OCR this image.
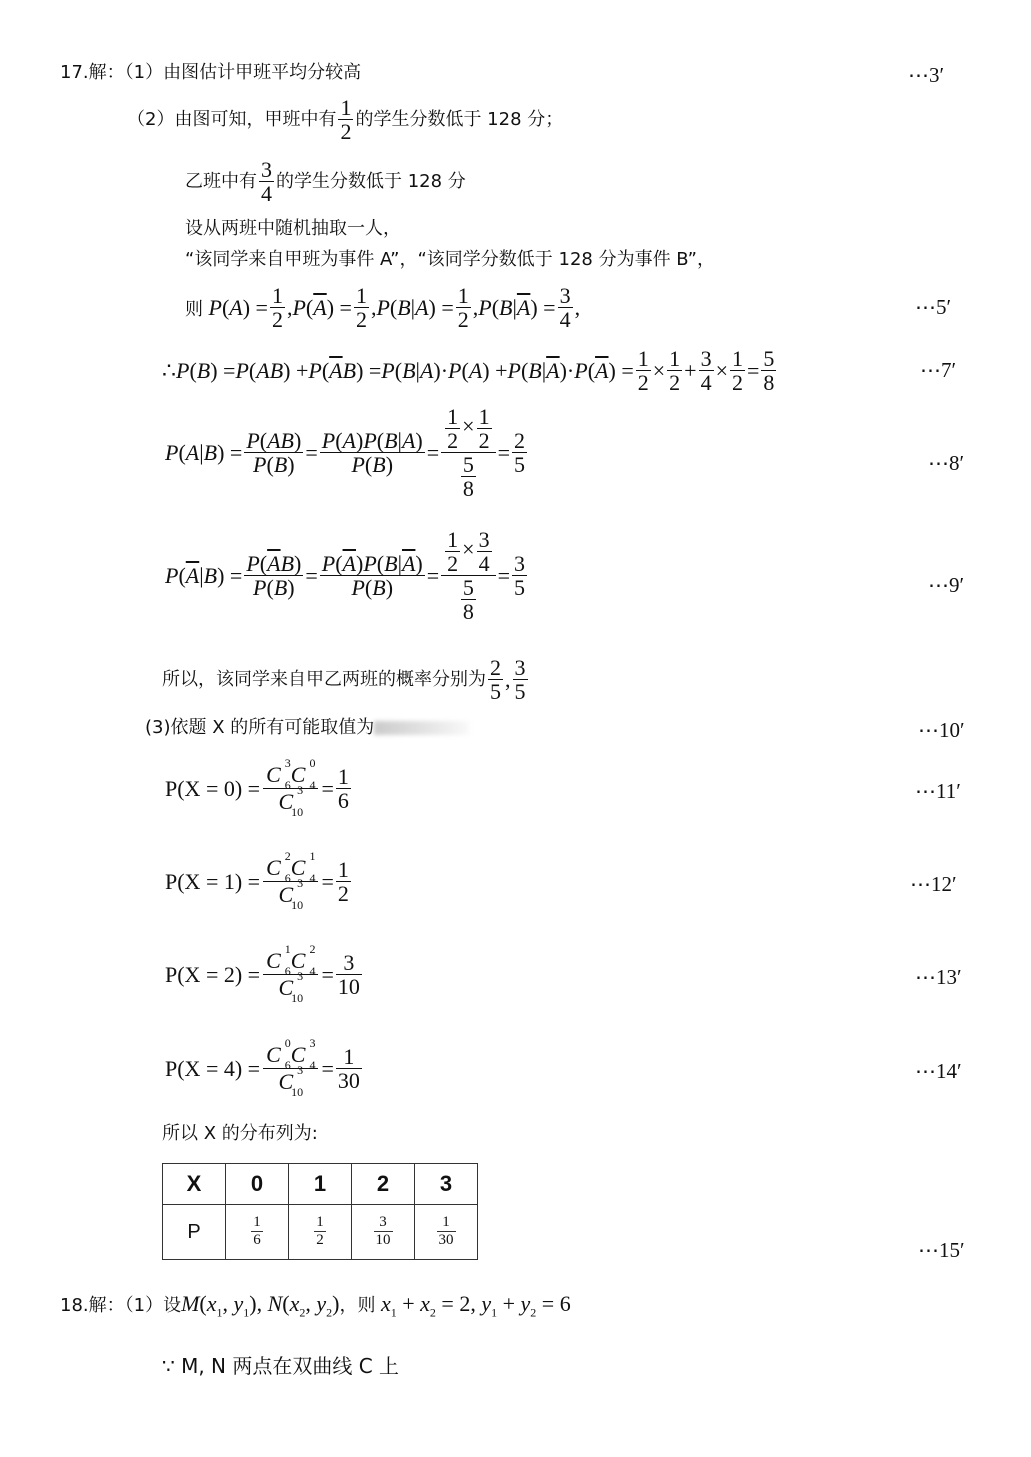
17.解：（1）由图估计甲班平均分较高	⋯3′
（2）由图可知，甲班中有 $\frac{1}{2}$ 的学生分数低于 128 分；
乙班中有 $\frac{3}{4}$ 的学生分数低于 128 分
设从两班中随机抽取一人，
“该同学来自甲班为事件 A”，“该同学分数低于 128 分为事件 B”，
则
P ( A ) = $\frac{1}{2}$ , P ( $\overline{A}$ ) = $\frac{1}{2}$ , P ( B | A ) = $\frac{1}{2}$ , P ( B | $\overline{A}$ ) = $\frac{3}{4}$ ,	⋯5′
∴ P ( B ) = P ( AB ) + P ( $\overline{A}$ B ) = P ( B | A )· P ( A ) + P ( B | $\overline{A}$ )· P ( $\overline{A}$ ) = $\frac{1}{2} \times \frac{1}{2} + \frac{3}{4} \times \frac{1}{2} = \frac{5}{8}$	⋯7′
P ( A | B ) = $\frac{P(AB)}{P(B)} = \frac{P(A)P(B|A)}{P(B)} = \frac{\frac{1}{2} \times \frac{1}{2}}{\frac{5}{8}} = \frac{2}{5}$	⋯8′
P ( $\overline{A}$ | B ) = $\frac{P(\overline{A}B)}{P(B)} = \frac{P(\overline{A})P(B|\overline{A})}{P(B)} = \frac{\frac{1}{2} \times \frac{3}{4}}{\frac{5}{8}} = \frac{3}{5}$	⋯9′
所以，该同学来自甲乙两班的概率分别为 $\frac{2}{5}$ , $\frac{3}{5}$
(3)依题 X 的所有可能取值为	⋯10′
P(X = 0) = C 3
6 C 0
4
C 3
$10 = \frac{1}{6}$	⋯11′
P(X = 1) = C 2
6 C 1
4
C 3
$10 = \frac{1}{2}$	⋯12′
P(X = 2) = C 1
6 C 2
4
C 3
$10 = \frac{3}{10}$	⋯13′
P(X = 4) = C 0
6 C 3
4
C 3
$10 = \frac{1}{30}$	⋯14′
所以 X 的分布列为:
X	0	1	2	3
P	$\frac{1}{6}$	$\frac{1}{2}$	$\frac{3}{10}$	$\frac{1}{30}$
⋯15′
18.解：（1）设 $M(x_1$, $y_1$), $N(x_2$, $y_2$) ，则 $x_1 + x_2 = 2$, $y_1 + y_2 = 6$
∵ M, N 两点在双曲线 C 上
